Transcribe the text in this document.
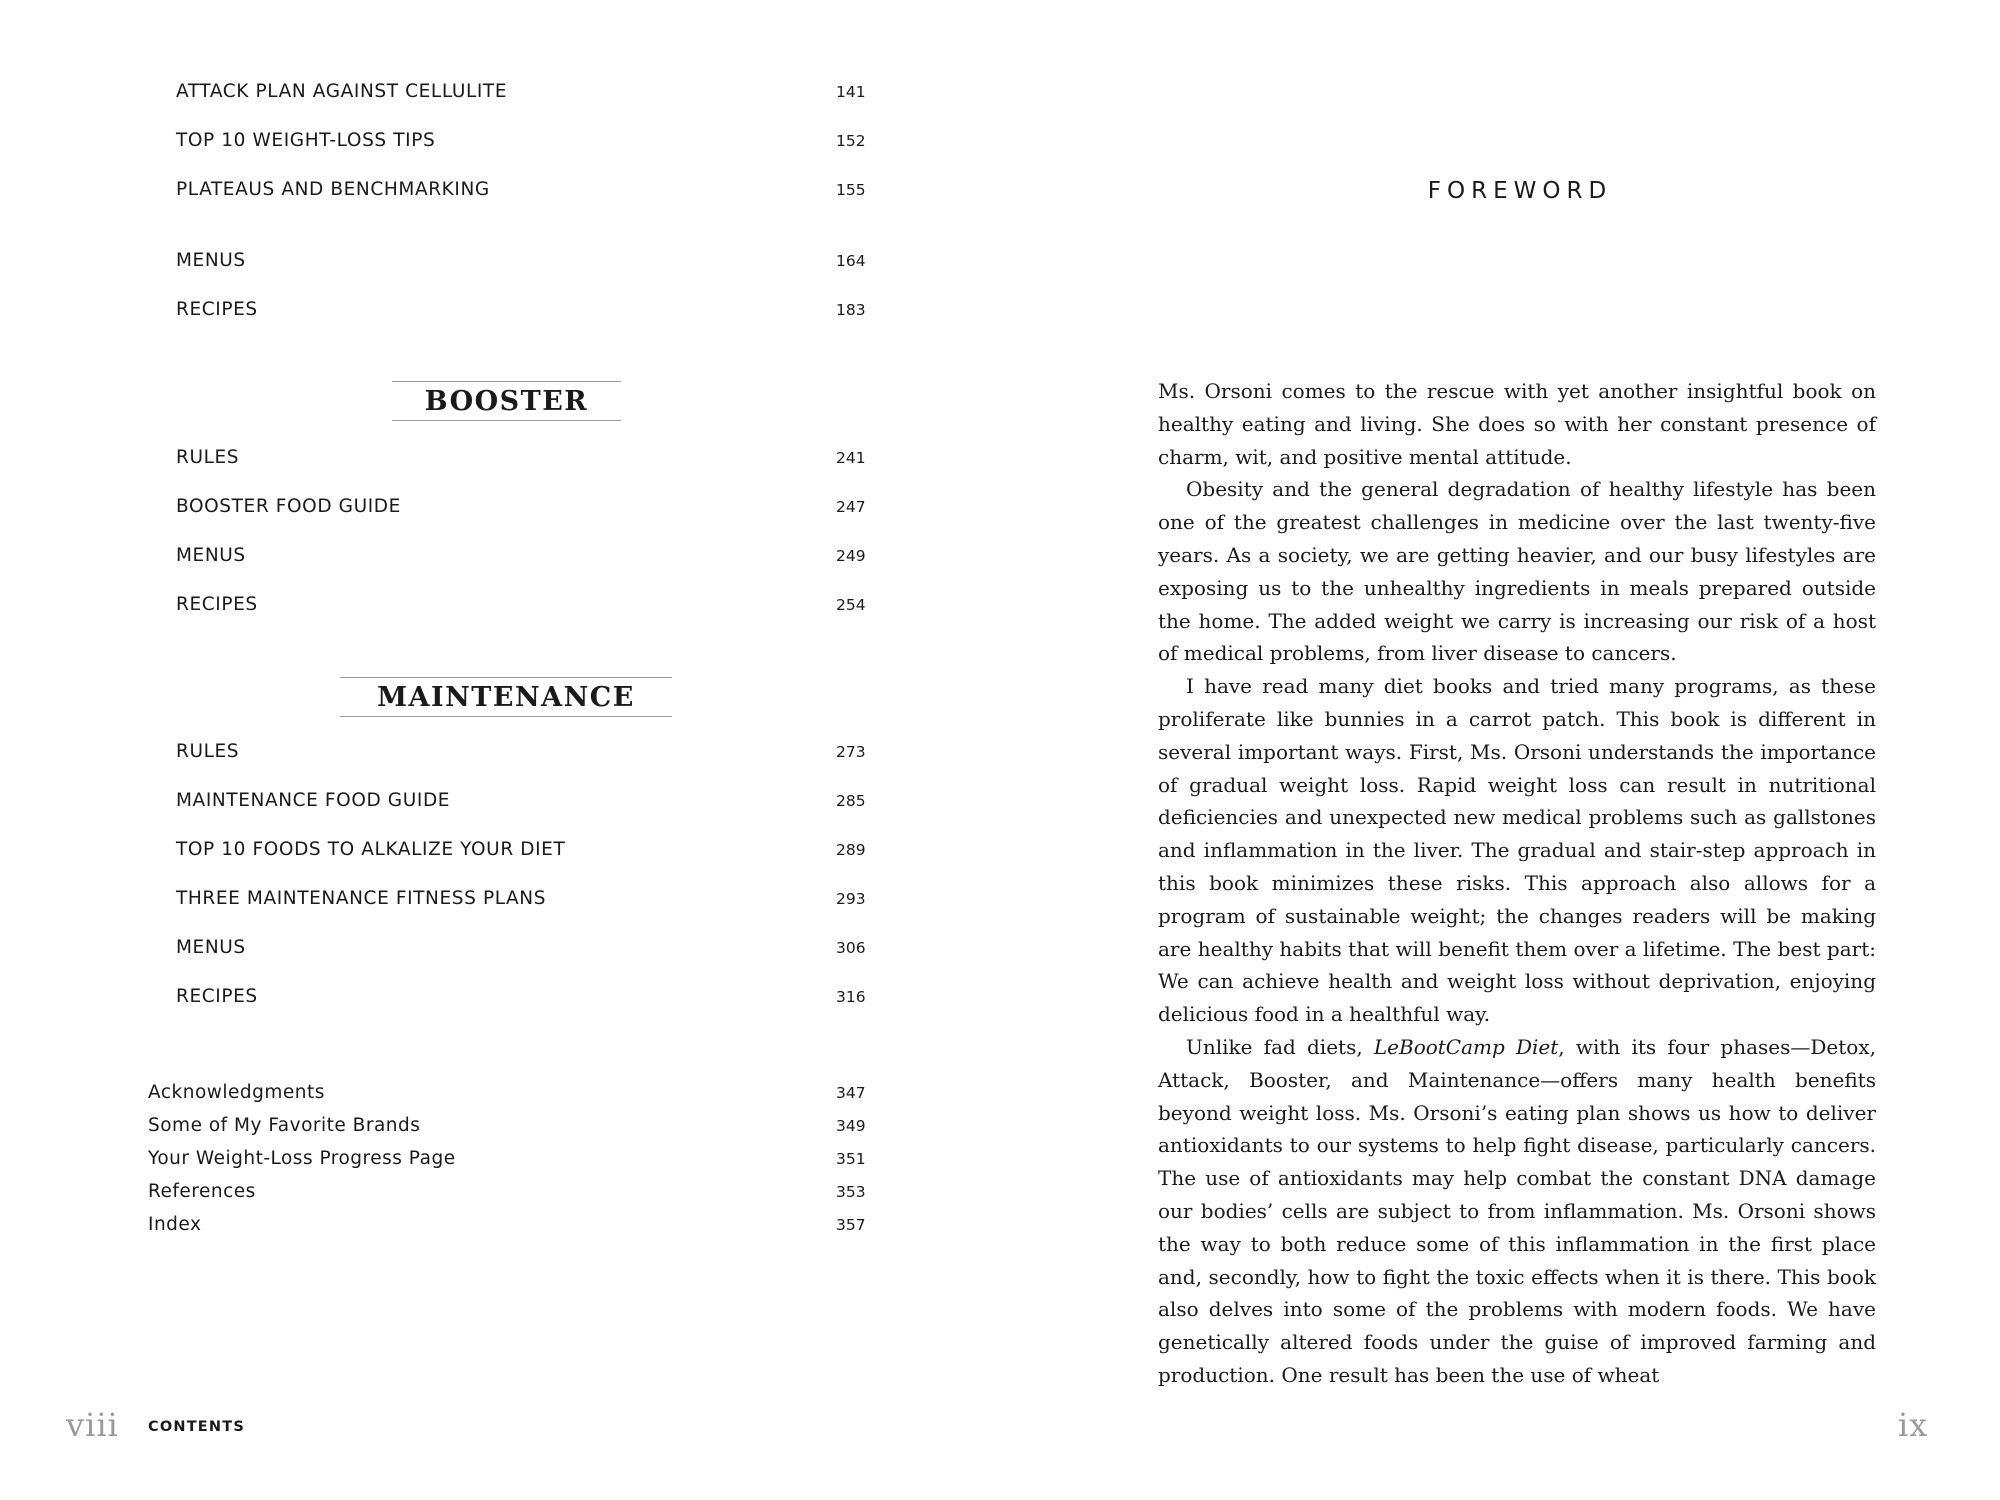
ATTACK PLAN AGAINST CELLULITE	141
TOP 10 WEIGHT-LOSS TIPS	152
PLATEAUS AND BENCHMARKING	155
MENUS	164
RECIPES	183
BOOSTER
RULES	241
BOOSTER FOOD GUIDE	247
MENUS	249
RECIPES	254
MAINTENANCE
RULES	273
MAINTENANCE FOOD GUIDE	285
TOP 10 FOODS TO ALKALIZE YOUR DIET	289
THREE MAINTENANCE FITNESS PLANS	293
MENUS	306
RECIPES	316
Acknowledgments	347
Some of My Favorite Brands	349
Your Weight-Loss Progress Page	351
References	353
Index	357
viii CONTENTS
FOREWORD

Ms. Orsoni comes to the rescue with yet another insightful book on healthy eating and living. She does so with her constant presence of charm, wit, and positive mental attitude.

Obesity and the general degradation of healthy lifestyle has been one of the greatest challenges in medicine over the last twenty-five years. As a society, we are getting heavier, and our busy lifestyles are exposing us to the unhealthy ingredients in meals prepared outside the home. The added weight we carry is increasing our risk of a host of medical problems, from liver disease to cancers.

I have read many diet books and tried many programs, as these proliferate like bunnies in a carrot patch. This book is different in several important ways. First, Ms. Orsoni understands the importance of gradual weight loss. Rapid weight loss can result in nutritional deficiencies and unexpected new medical problems such as gallstones and inflammation in the liver. The gradual and stair-step approach in this book minimizes these risks. This approach also allows for a program of sustainable weight; the changes readers will be making are healthy habits that will benefit them over a lifetime. The best part: We can achieve health and weight loss without deprivation, enjoying delicious food in a healthful way.

Unlike fad diets, LeBootCamp Diet, with its four phases—Detox, Attack, Booster, and Maintenance—offers many health benefits beyond weight loss. Ms. Orsoni’s eating plan shows us how to deliver antioxidants to our systems to help fight disease, particularly cancers. The use of antioxidants may help combat the constant DNA damage our bodies’ cells are subject to from inflammation. Ms. Orsoni shows the way to both reduce some of this inflammation in the first place and, secondly, how to fight the toxic effects when it is there. This book also delves into some of the problems with modern foods. We have genetically altered foods under the guise of improved farming and production. One result has been the use of wheat

ix
